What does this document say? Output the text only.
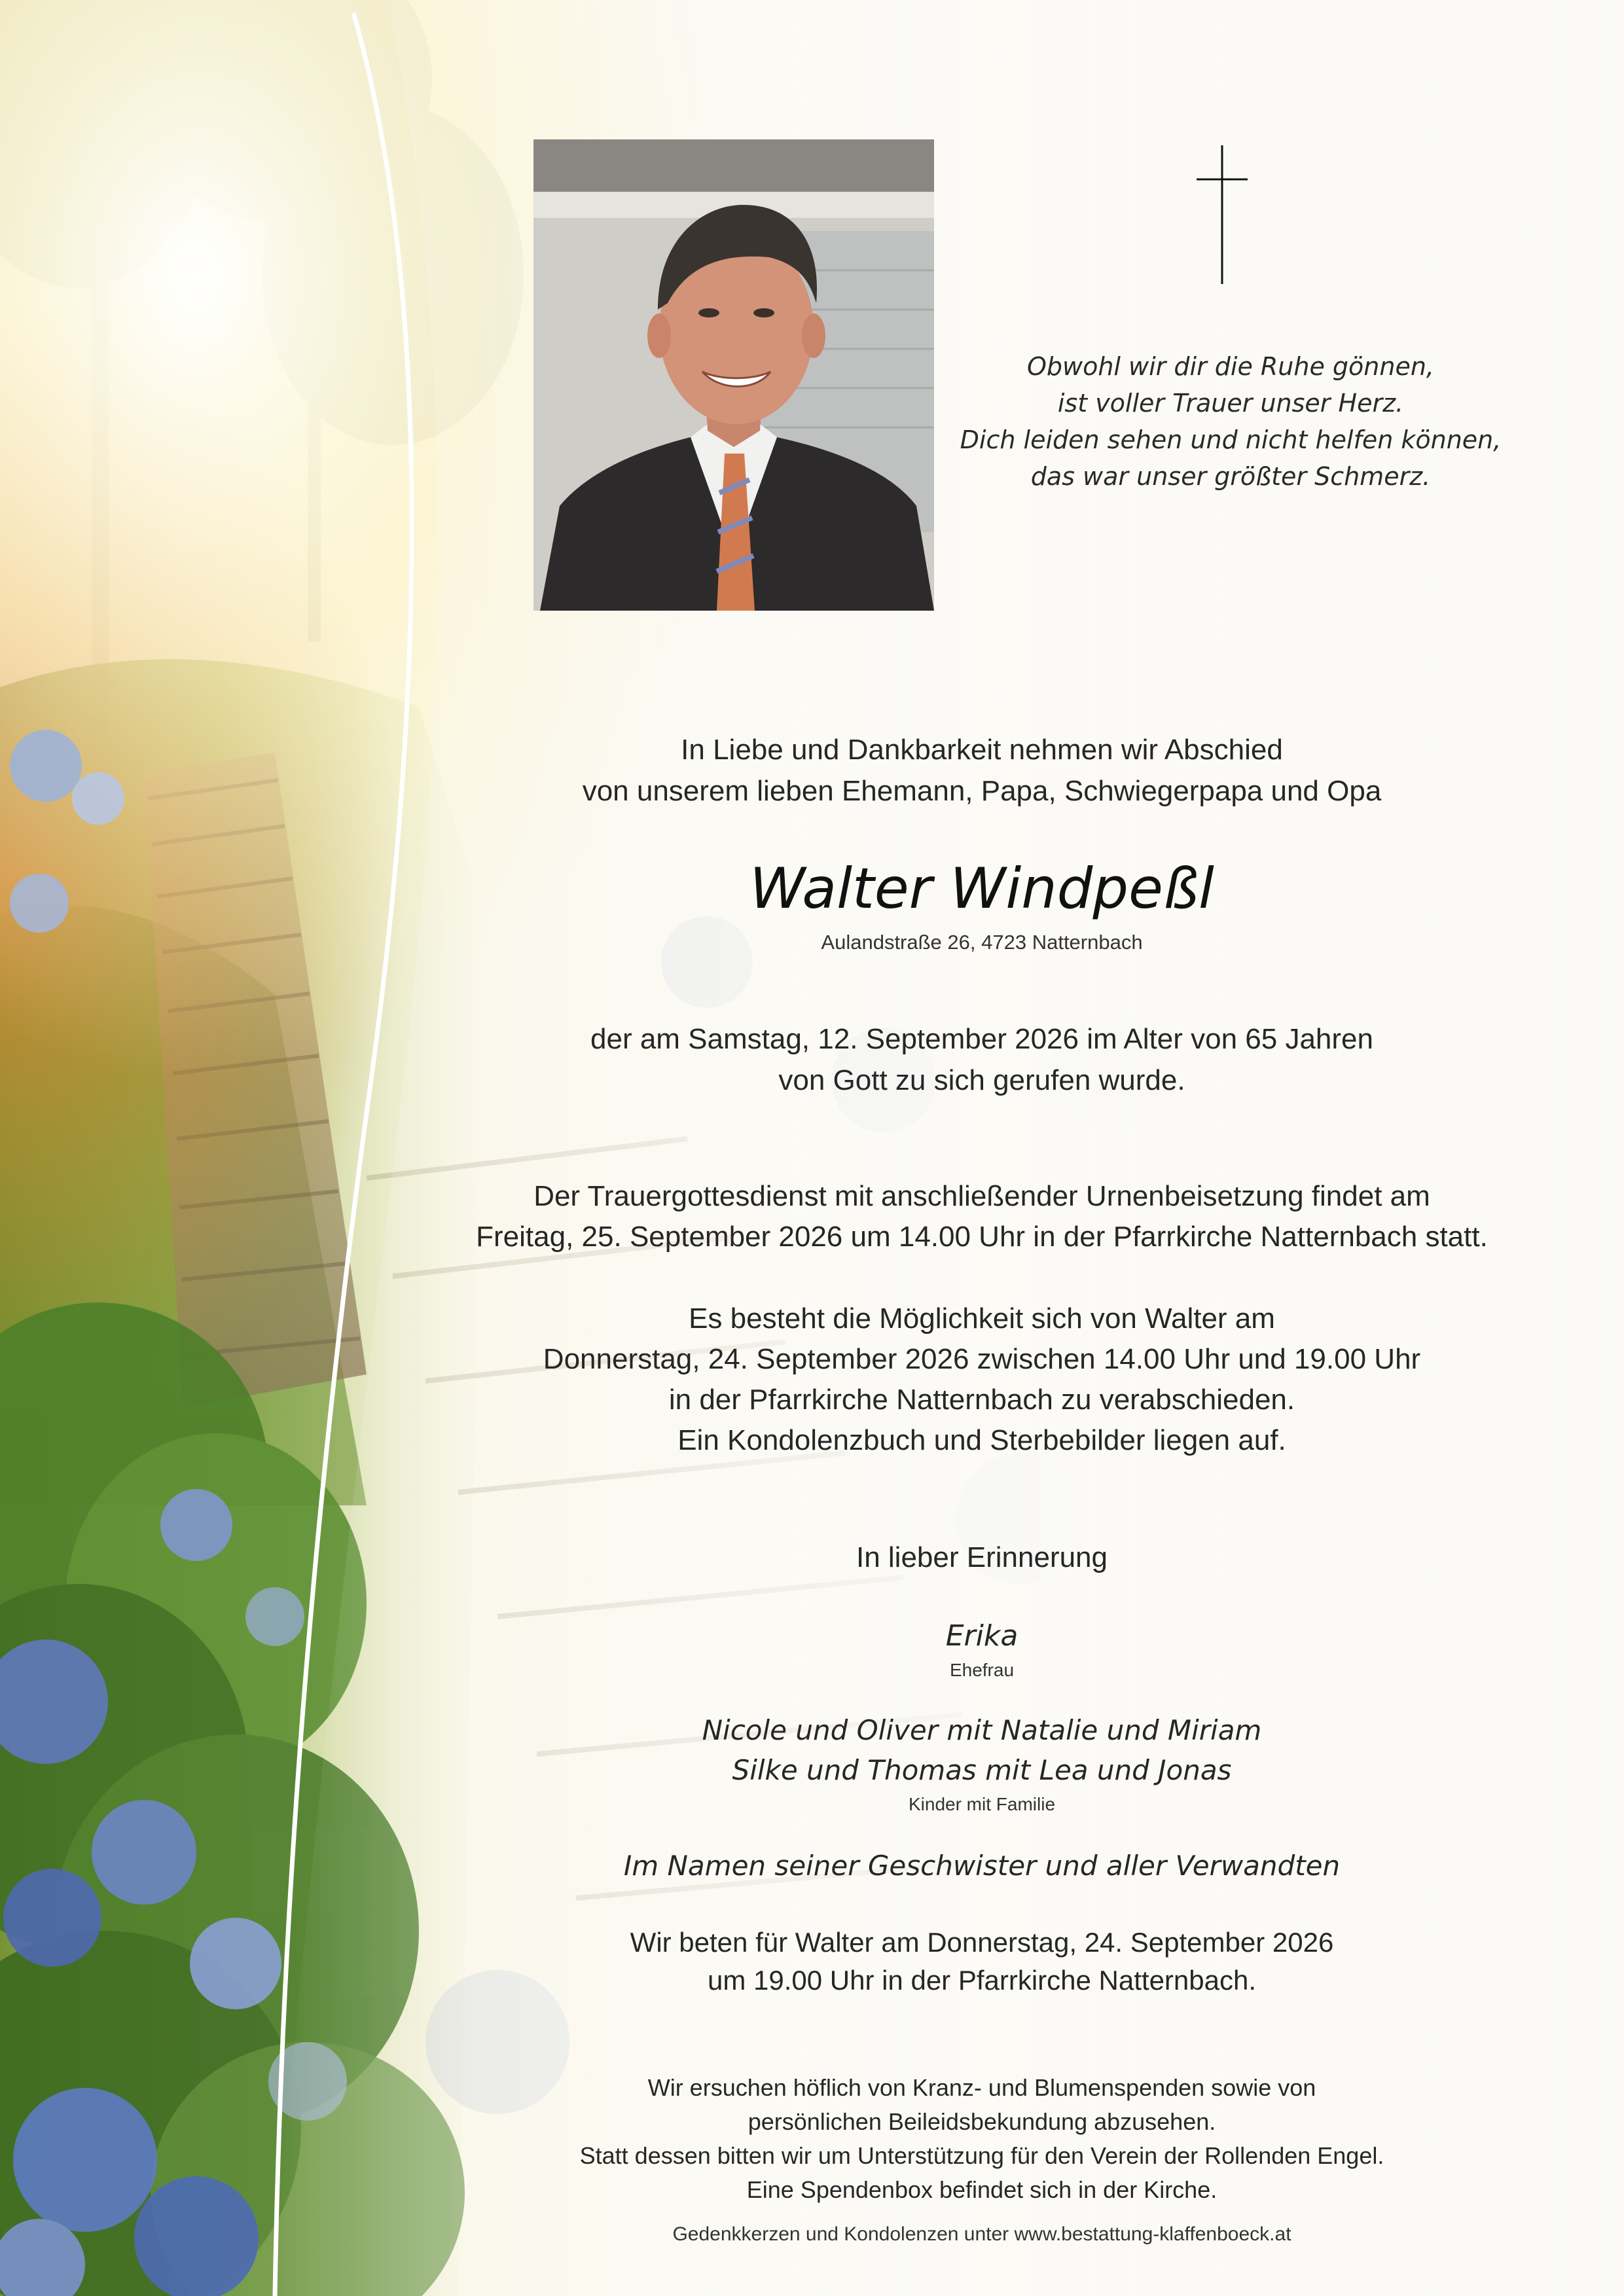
Obwohl wir dir die Ruhe gönnen,
ist voller Trauer unser Herz.
Dich leiden sehen und nicht helfen können,
das war unser größter Schmerz.
In Liebe und Dankbarkeit nehmen wir Abschied
von unserem lieben Ehemann, Papa, Schwiegerpapa und Opa
Walter Windpeßl
Aulandstraße 26, 4723 Natternbach
der am Samstag, 12. September 2026 im Alter von 65 Jahren
von Gott zu sich gerufen wurde.
Der Trauergottesdienst mit anschließender Urnenbeisetzung findet am
Freitag, 25. September 2026 um 14.00 Uhr in der Pfarrkirche Natternbach statt.
Es besteht die Möglichkeit sich von Walter am
Donnerstag, 24. September 2026 zwischen 14.00 Uhr und 19.00 Uhr
in der Pfarrkirche Natternbach zu verabschieden.
Ein Kondolenzbuch und Sterbebilder liegen auf.
In lieber Erinnerung
Erika
Ehefrau
Nicole und Oliver mit Natalie und Miriam
Silke und Thomas mit Lea und Jonas
Kinder mit Familie
Im Namen seiner Geschwister und aller Verwandten
Wir beten für Walter am Donnerstag, 24. September 2026
um 19.00 Uhr in der Pfarrkirche Natternbach.
Wir ersuchen höflich von Kranz- und Blumenspenden sowie von
persönlichen Beileidsbekundung abzusehen.
Statt dessen bitten wir um Unterstützung für den Verein der Rollenden Engel.
Eine Spendenbox befindet sich in der Kirche.
Gedenkkerzen und Kondolenzen unter www.bestattung-klaffenboeck.at
